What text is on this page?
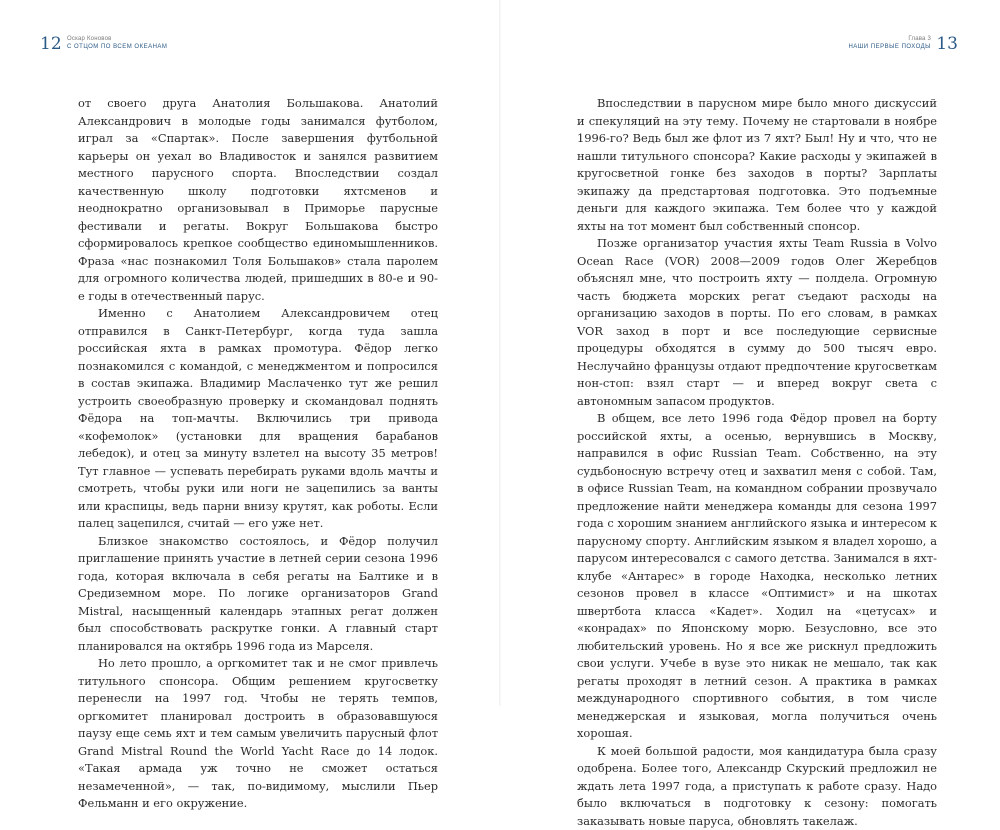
12 Оскар Коновов
С ОТЦОМ ПО ВСЕМ ОКЕАНАМ

от своего друга Анатолия Большакова. Анатолий Александрович в молодые годы занимался футболом, играл за «Спартак». После завершения футбольной карьеры он уехал во Владивосток и занялся развитием местного парусного спорта. Впоследствии создал качественную школу подготовки яхтсменов и неоднократно организовывал в Приморье парусные фестивали и регаты. Вокруг Большакова быстро сформировалось крепкое сообщество единомышленников. Фраза «нас познакомил Толя Большаков» стала паролем для огромного количества людей, пришедших в 80-е и 90-е годы в отечественный парус.

Именно с Анатолием Александровичем отец отправился в Санкт-Петербург, когда туда зашла российская яхта в рамках промотура. Фёдор легко познакомился с командой, с менеджментом и попросился в состав экипажа. Владимир Маслаченко тут же решил устроить своеобразную проверку и скомандовал поднять Фёдора на топ-мачты. Включились три привода «кофемолок» (установки для вращения барабанов лебедок), и отец за минуту взлетел на высоту 35 метров! Тут главное — успевать перебирать руками вдоль мачты и смотреть, чтобы руки или ноги не зацепились за ванты или краспицы, ведь парни внизу крутят, как роботы. Если палец зацепился, считай — его уже нет.

Близкое знакомство состоялось, и Фёдор получил приглашение принять участие в летней серии сезона 1996 года, которая включала в себя регаты на Балтике и в Средиземном море. По логике организаторов Grand Mistral, насыщенный календарь этапных регат должен был способствовать раскрутке гонки. А главный старт планировался на октябрь 1996 года из Марселя.

Но лето прошло, а оргкомитет так и не смог привлечь титульного спонсора. Общим решением кругосветку перенесли на 1997 год. Чтобы не терять темпов, оргкомитет планировал достроить в образовавшуюся паузу еще семь яхт и тем самым увеличить парусный флот Grand Mistral Round the World Yacht Race до 14 лодок. «Такая армада уж точно не сможет остаться незамеченной», — так, по-видимому, мыслили Пьер Фельманн и его окружение.

13
Глава 3
НАШИ ПЕРВЫЕ ПОХОДЫ

Впоследствии в парусном мире было много дискуссий и спекуляций на эту тему. Почему не стартовали в ноябре 1996-го? Ведь был же флот из 7 яхт? Был! Ну и что, что не нашли титульного спонсора? Какие расходы у экипажей в кругосветной гонке без заходов в порты? Зарплаты экипажу да предстартовая подготовка. Это подъемные деньги для каждого экипажа. Тем более что у каждой яхты на тот момент был собственный спонсор.

Позже организатор участия яхты Team Russia в Volvo Ocean Race (VOR) 2008—2009 годов Олег Жеребцов объяснял мне, что построить яхту — полдела. Огромную часть бюджета морских регат съедают расходы на организацию заходов в порты. По его словам, в рамках VOR заход в порт и все последующие сервисные процедуры обходятся в сумму до 500 тысяч евро. Неслучайно французы отдают предпочтение кругосветкам нон-стоп: взял старт — и вперед вокруг света с автономным запасом продуктов.

В общем, все лето 1996 года Фёдор провел на борту российской яхты, а осенью, вернувшись в Москву, направился в офис Russian Team. Собственно, на эту судьбоносную встречу отец и захватил меня с собой. Там, в офисе Russian Team, на командном собрании прозвучало предложение найти менеджера команды для сезона 1997 года с хорошим знанием английского языка и интересом к парусному спорту. Английским языком я владел хорошо, а парусом интересовался с самого детства. Занимался в яхт-клубе «Антарес» в городе Находка, несколько летних сезонов провел в классе «Оптимист» и на шкотах швертбота класса «Кадет». Ходил на «цетусах» и «конрадах» по Японскому морю. Безусловно, все это любительский уровень. Но я все же рискнул предложить свои услуги. Учебе в вузе это никак не мешало, так как регаты проходят в летний сезон. А практика в рамках международного спортивного события, в том числе менеджерская и языковая, могла получиться очень хорошая.

К моей большой радости, моя кандидатура была сразу одобрена. Более того, Александр Скурский предложил не ждать лета 1997 года, а приступать к работе сразу. Надо было включаться в подготовку к сезону: помогать заказывать новые паруса, обновлять такелаж.
